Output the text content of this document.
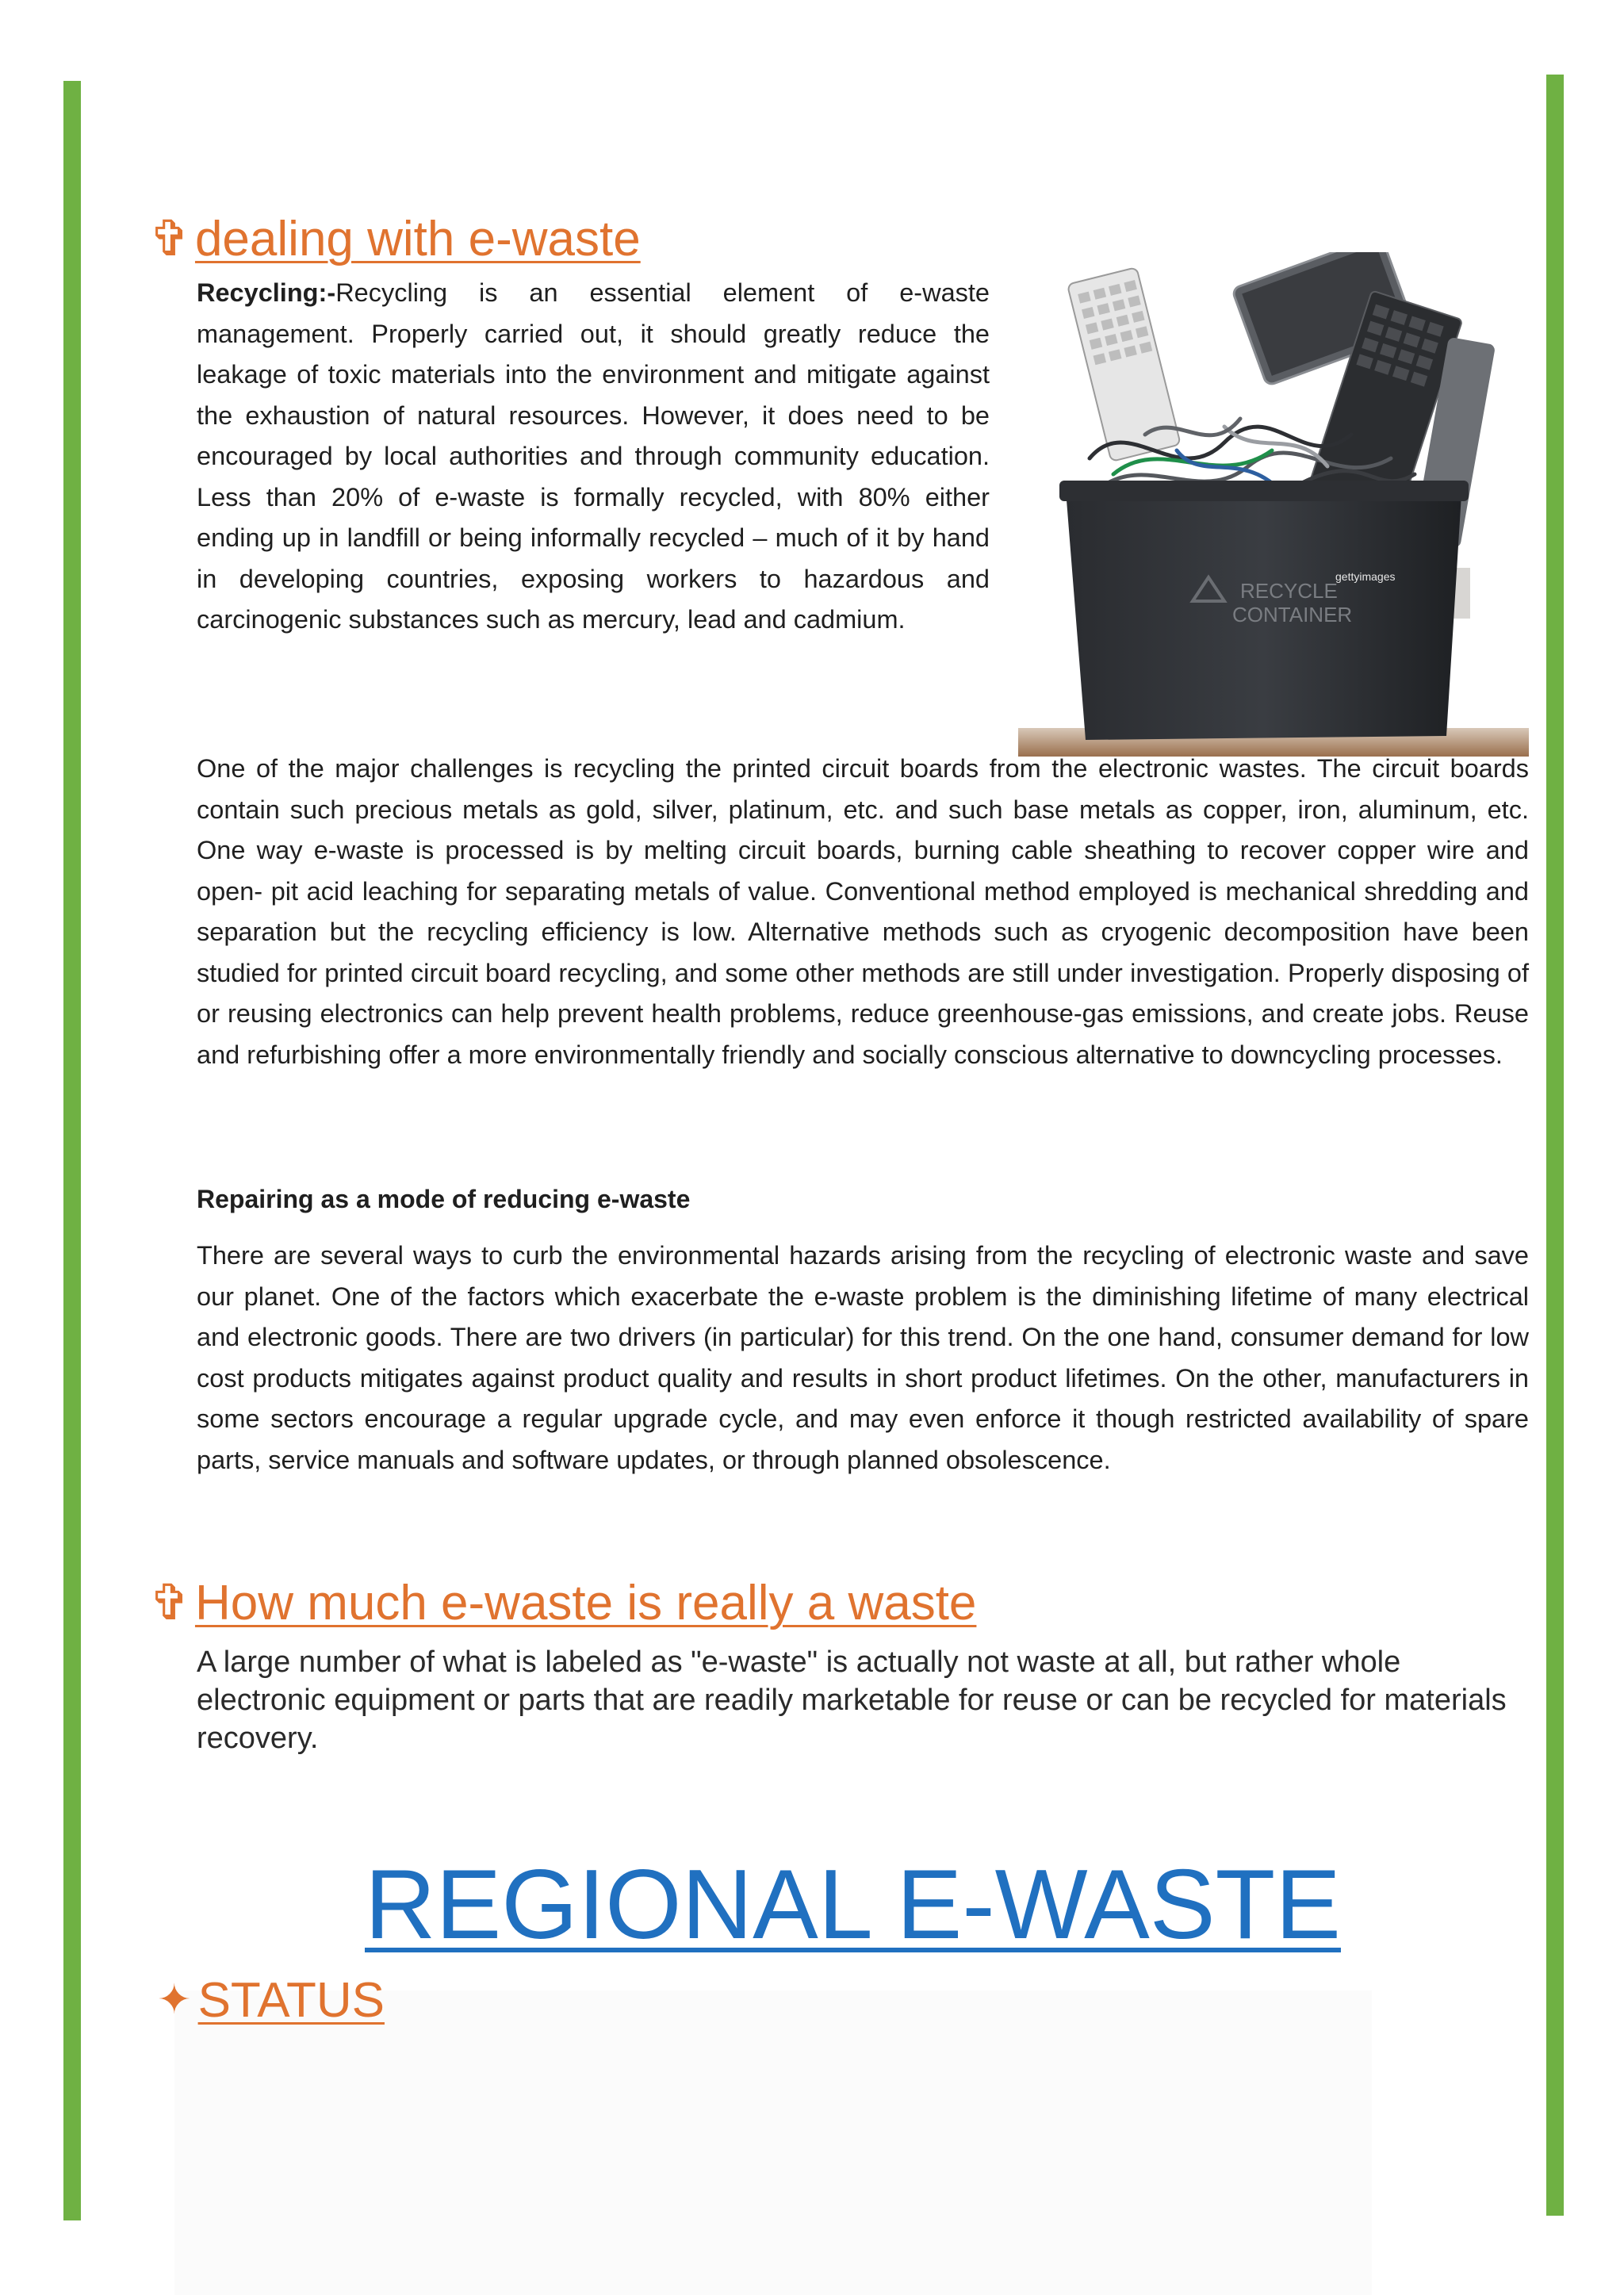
✞dealing with e-waste

Recycling:-Recycling is an essential element of e-waste management. Properly carried out, it should greatly reduce the leakage of toxic materials into the environment and mitigate against the exhaustion of natural resources. However, it does need to be encouraged by local authorities and through community education. Less than 20% of e-waste is formally recycled, with 80% either ending up in landfill or being informally recycled – much of it by hand in developing countries, exposing workers to hazardous and carcinogenic substances such as mercury, lead and cadmium.

RECYCLE
CONTAINER
gettyimages

One of the major challenges is recycling the printed circuit boards from the electronic wastes. The circuit boards contain such precious metals as gold, silver, platinum, etc. and such base metals as copper, iron, aluminum, etc. One way e-waste is processed is by melting circuit boards, burning cable sheathing to recover copper wire and open- pit acid leaching for separating metals of value. Conventional method employed is mechanical shredding and separation but the recycling efficiency is low. Alternative methods such as cryogenic decomposition have been studied for printed circuit board recycling, and some other methods are still under investigation. Properly disposing of or reusing electronics can help prevent health problems, reduce greenhouse-gas emissions, and create jobs. Reuse and refurbishing offer a more environmentally friendly and socially conscious alternative to downcycling processes.

Repairing as a mode of reducing e-waste

There are several ways to curb the environmental hazards arising from the recycling of electronic waste and save our planet. One of the factors which exacerbate the e-waste problem is the diminishing lifetime of many electrical and electronic goods. There are two drivers (in particular) for this trend. On the one hand, consumer demand for low cost products mitigates against product quality and results in short product lifetimes. On the other, manufacturers in some sectors encourage a regular upgrade cycle, and may even enforce it though restricted availability of spare parts, service manuals and software updates, or through planned obsolescence.

✞How much e-waste is really a waste

A large number of what is labeled as "e-waste" is actually not waste at all, but rather whole electronic equipment or parts that are readily marketable for reuse or can be recycled for materials recovery.

REGIONAL E-WASTE
✦ STATUS
